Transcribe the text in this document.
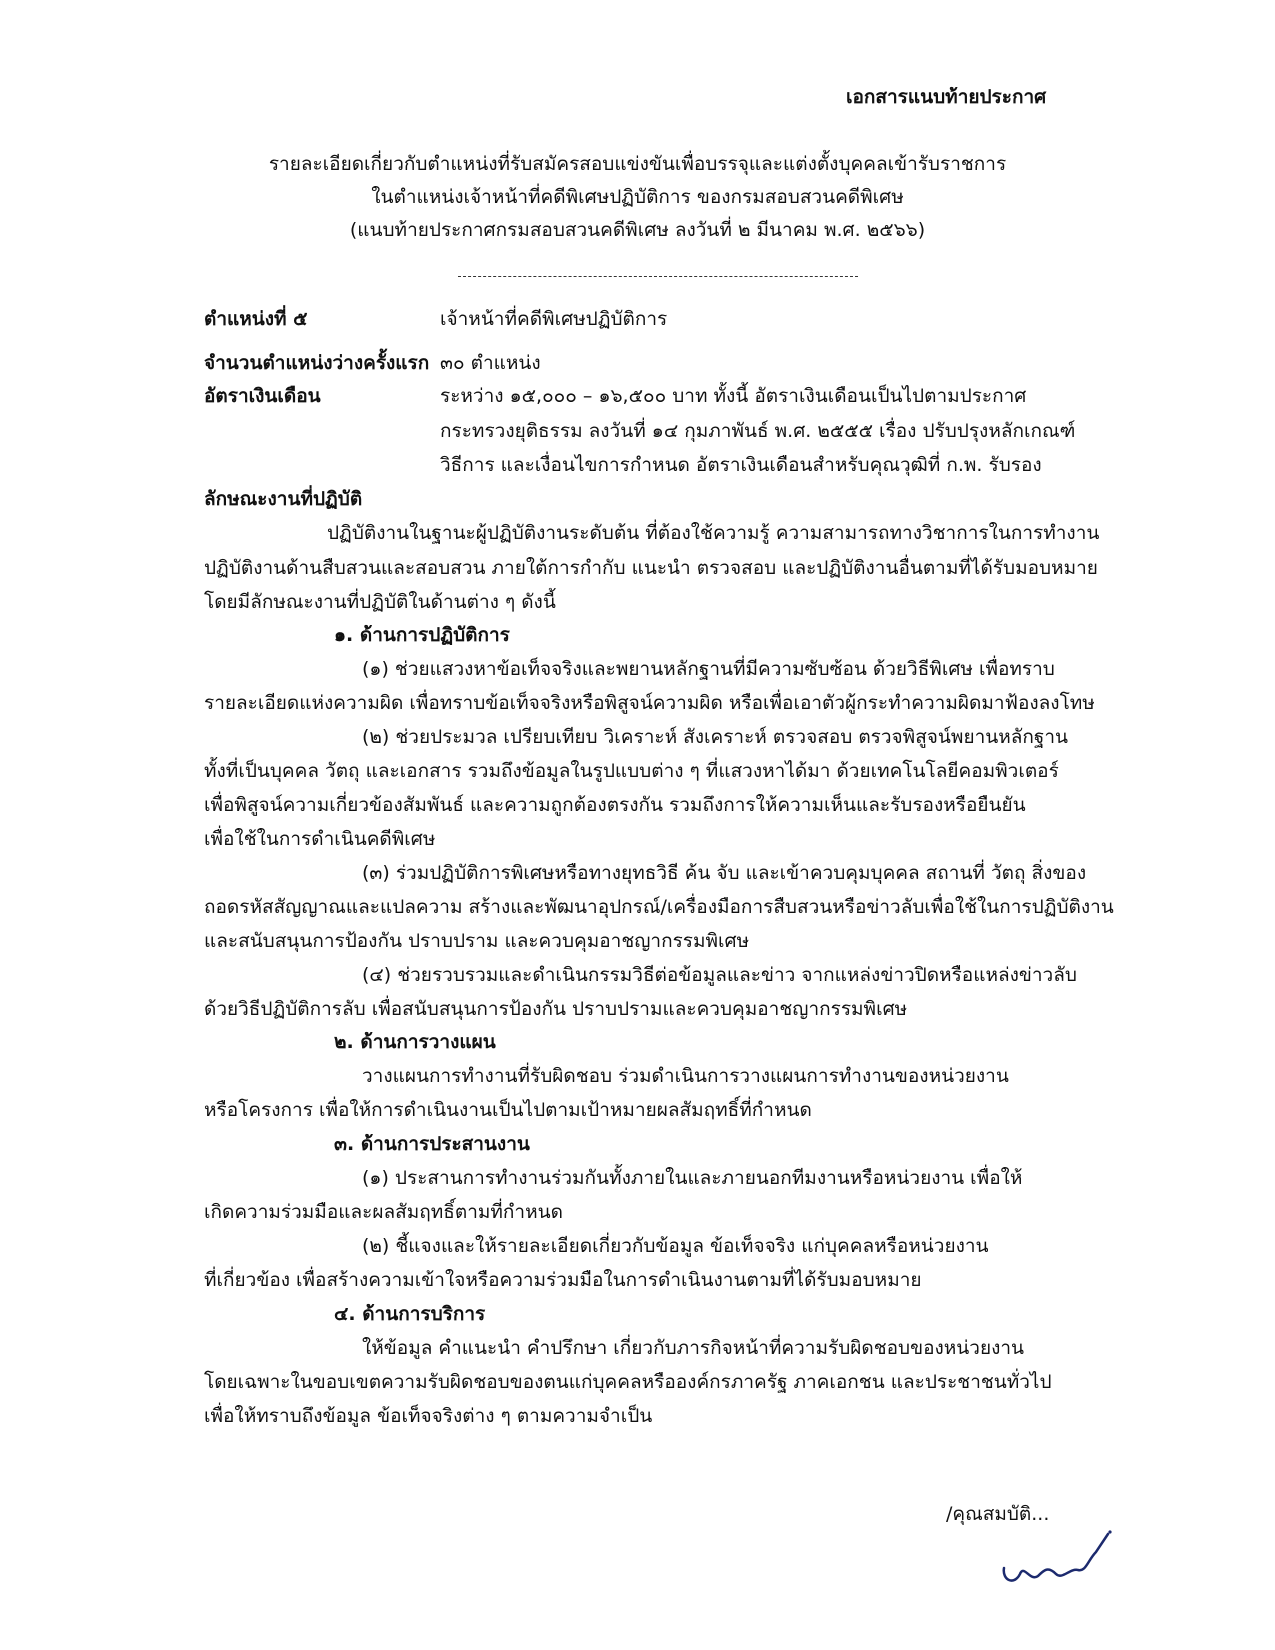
เอกสารแนบท้ายประกาศ
รายละเอียดเกี่ยวกับตำแหน่งที่รับสมัครสอบแข่งขันเพื่อบรรจุและแต่งตั้งบุคคลเข้ารับราชการ
ในตำแหน่งเจ้าหน้าที่คดีพิเศษปฏิบัติการ ของกรมสอบสวนคดีพิเศษ
(แนบท้ายประกาศกรมสอบสวนคดีพิเศษ ลงวันที่ ๒ มีนาคม พ.ศ. ๒๕๖๖)
ตำแหน่งที่ ๕	เจ้าหน้าที่คดีพิเศษปฏิบัติการ
จำนวนตำแหน่งว่างครั้งแรก ๓๐ ตำแหน่ง
อัตราเงินเดือน	ระหว่าง ๑๕,๐๐๐ – ๑๖,๕๐๐ บาท ทั้งนี้ อัตราเงินเดือนเป็นไปตามประกาศ
กระทรวงยุติธรรม ลงวันที่ ๑๔ กุมภาพันธ์ พ.ศ. ๒๕๕๕ เรื่อง ปรับปรุงหลักเกณฑ์
วิธีการ และเงื่อนไขการกำหนด อัตราเงินเดือนสำหรับคุณวุฒิที่ ก.พ. รับรอง
ลักษณะงานที่ปฏิบัติ
ปฏิบัติงานในฐานะผู้ปฏิบัติงานระดับต้น ที่ต้องใช้ความรู้ ความสามารถทางวิชาการในการทำงาน
ปฏิบัติงานด้านสืบสวนและสอบสวน ภายใต้การกำกับ แนะนำ ตรวจสอบ และปฏิบัติงานอื่นตามที่ได้รับมอบหมาย
โดยมีลักษณะงานที่ปฏิบัติในด้านต่าง ๆ ดังนี้
๑. ด้านการปฏิบัติการ
(๑) ช่วยแสวงหาข้อเท็จจริงและพยานหลักฐานที่มีความซับซ้อน ด้วยวิธีพิเศษ เพื่อทราบ
รายละเอียดแห่งความผิด เพื่อทราบข้อเท็จจริงหรือพิสูจน์ความผิด หรือเพื่อเอาตัวผู้กระทำความผิดมาฟ้องลงโทษ
(๒) ช่วยประมวล เปรียบเทียบ วิเคราะห์ สังเคราะห์ ตรวจสอบ ตรวจพิสูจน์พยานหลักฐาน
ทั้งที่เป็นบุคคล วัตถุ และเอกสาร รวมถึงข้อมูลในรูปแบบต่าง ๆ ที่แสวงหาได้มา ด้วยเทคโนโลยีคอมพิวเตอร์
เพื่อพิสูจน์ความเกี่ยวข้องสัมพันธ์ และความถูกต้องตรงกัน รวมถึงการให้ความเห็นและรับรองหรือยืนยัน
เพื่อใช้ในการดำเนินคดีพิเศษ
(๓) ร่วมปฏิบัติการพิเศษหรือทางยุทธวิธี ค้น จับ และเข้าควบคุมบุคคล สถานที่ วัตถุ สิ่งของ
ถอดรหัสสัญญาณและแปลความ สร้างและพัฒนาอุปกรณ์/เครื่องมือการสืบสวนหรือข่าวลับเพื่อใช้ในการปฏิบัติงาน
และสนับสนุนการป้องกัน ปราบปราม และควบคุมอาชญากรรมพิเศษ
(๔) ช่วยรวบรวมและดำเนินกรรมวิธีต่อข้อมูลและข่าว จากแหล่งข่าวปิดหรือแหล่งข่าวลับ
ด้วยวิธีปฏิบัติการลับ เพื่อสนับสนุนการป้องกัน ปราบปรามและควบคุมอาชญากรรมพิเศษ
๒. ด้านการวางแผน
วางแผนการทำงานที่รับผิดชอบ ร่วมดำเนินการวางแผนการทำงานของหน่วยงาน
หรือโครงการ เพื่อให้การดำเนินงานเป็นไปตามเป้าหมายผลสัมฤทธิ์ที่กำหนด
๓. ด้านการประสานงาน
(๑) ประสานการทำงานร่วมกันทั้งภายในและภายนอกทีมงานหรือหน่วยงาน เพื่อให้
เกิดความร่วมมือและผลสัมฤทธิ์ตามที่กำหนด
(๒) ชี้แจงและให้รายละเอียดเกี่ยวกับข้อมูล ข้อเท็จจริง แก่บุคคลหรือหน่วยงาน
ที่เกี่ยวข้อง เพื่อสร้างความเข้าใจหรือความร่วมมือในการดำเนินงานตามที่ได้รับมอบหมาย
๔. ด้านการบริการ
ให้ข้อมูล คำแนะนำ คำปรึกษา เกี่ยวกับภารกิจหน้าที่ความรับผิดชอบของหน่วยงาน
โดยเฉพาะในขอบเขตความรับผิดชอบของตนแก่บุคคลหรือองค์กรภาครัฐ ภาคเอกชน และประชาชนทั่วไป
เพื่อให้ทราบถึงข้อมูล ข้อเท็จจริงต่าง ๆ ตามความจำเป็น
/คุณสมบัติ...
